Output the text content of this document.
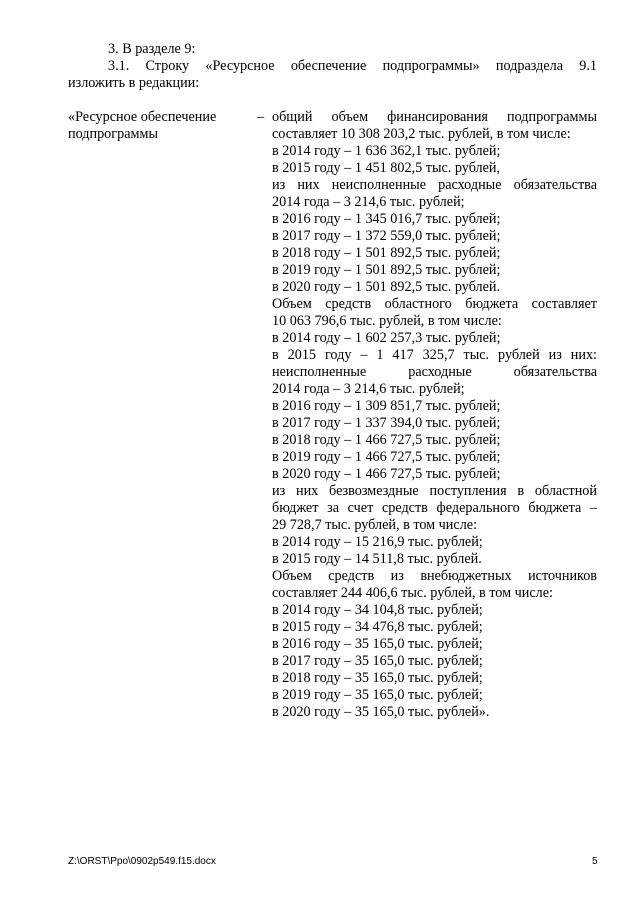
3. В разделе 9:
3.1. Строку «Ресурсное обеспечение подпрограммы» подраздела 9.1
изложить в редакции:
«Ресурсное обеспечение
подпрограммы
– общий объем финансирования подпрограммы
составляет 10 308 203,2 тыс. рублей, в том числе:
в 2014 году – 1 636 362,1 тыс. рублей;
в 2015 году – 1 451 802,5 тыс. рублей,
из них неисполненные расходные обязательства
2014 года – 3 214,6 тыс. рублей;
в 2016 году – 1 345 016,7 тыс. рублей;
в 2017 году – 1 372 559,0 тыс. рублей;
в 2018 году – 1 501 892,5 тыс. рублей;
в 2019 году – 1 501 892,5 тыс. рублей;
в 2020 году – 1 501 892,5 тыс. рублей.
Объем средств областного бюджета составляет
10 063 796,6 тыс. рублей, в том числе:
в 2014 году – 1 602 257,3 тыс. рублей;
в 2015 году – 1 417 325,7 тыс. рублей из них:
неисполненные расходные обязательства
2014 года – 3 214,6 тыс. рублей;
в 2016 году – 1 309 851,7 тыс. рублей;
в 2017 году – 1 337 394,0 тыс. рублей;
в 2018 году – 1 466 727,5 тыс. рублей;
в 2019 году – 1 466 727,5 тыс. рублей;
в 2020 году – 1 466 727,5 тыс. рублей;
из них безвозмездные поступления в областной
бюджет за счет средств федерального бюджета –
29 728,7 тыс. рублей, в том числе:
в 2014 году – 15 216,9 тыс. рублей;
в 2015 году – 14 511,8 тыс. рублей.
Объем средств из внебюджетных источников
составляет 244 406,6 тыс. рублей, в том числе:
в 2014 году – 34 104,8 тыс. рублей;
в 2015 году – 34 476,8 тыс. рублей;
в 2016 году – 35 165,0 тыс. рублей;
в 2017 году – 35 165,0 тыс. рублей;
в 2018 году – 35 165,0 тыс. рублей;
в 2019 году – 35 165,0 тыс. рублей;
в 2020 году – 35 165,0 тыс. рублей».
Z:\ORST\Ppo\0902p549.f15.docx	5
